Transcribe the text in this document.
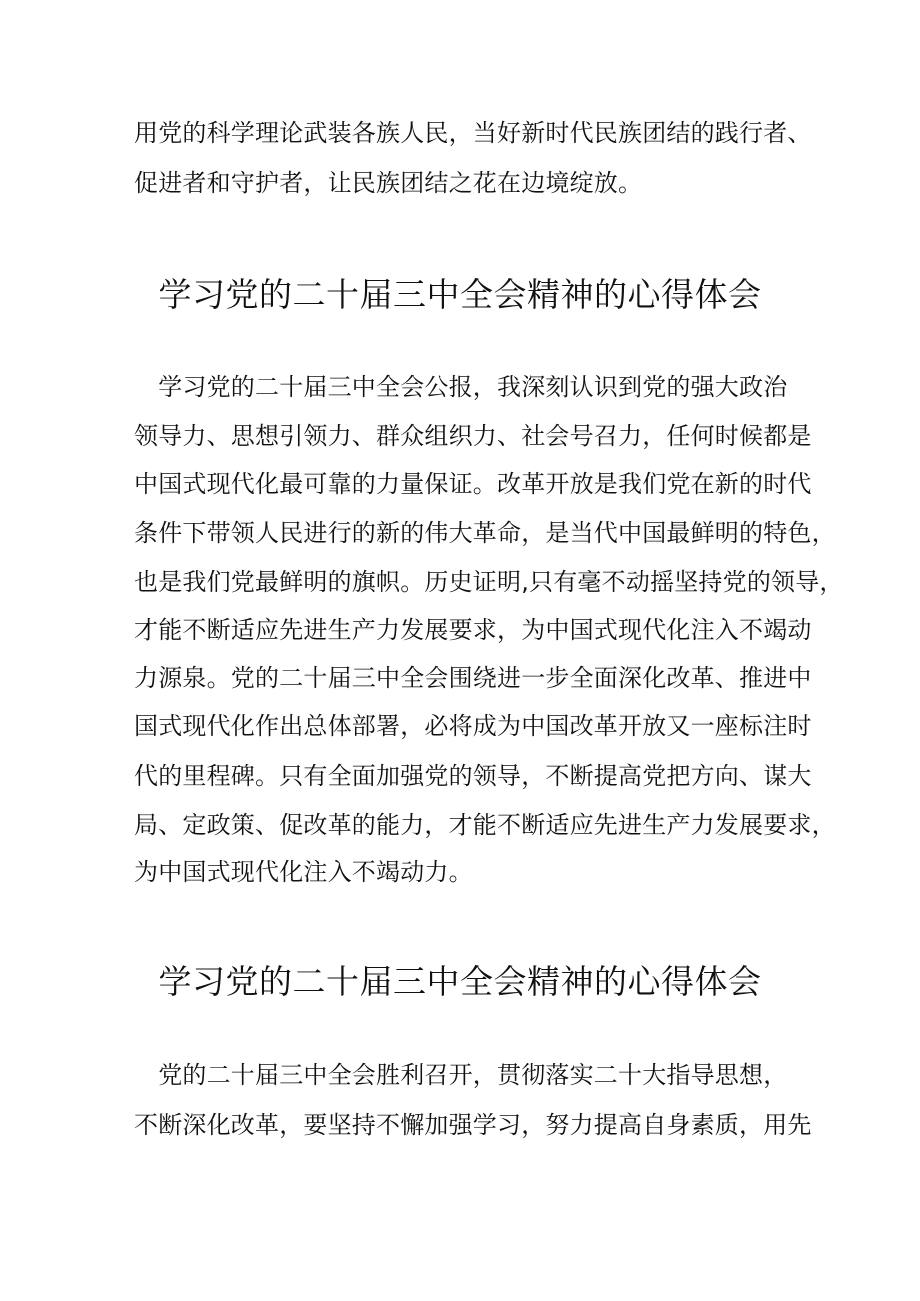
用党的科学理论武装各族人民，当好新时代民族团结的践行者、
促进者和守护者，让民族团结之花在边境绽放。
学习党的二十届三中全会精神的心得体会
　学习党的二十届三中全会公报，我深刻认识到党的强大政治
领导力、思想引领力、群众组织力、社会号召力，任何时候都是
中国式现代化最可靠的力量保证。改革开放是我们党在新的时代
条件下带领人民进行的新的伟大革命，是当代中国最鲜明的特色，
也是我们党最鲜明的旗帜。历史证明,只有毫不动摇坚持党的领导，
才能不断适应先进生产力发展要求，为中国式现代化注入不竭动
力源泉。党的二十届三中全会围绕进一步全面深化改革、推进中
国式现代化作出总体部署，必将成为中国改革开放又一座标注时
代的里程碑。只有全面加强党的领导，不断提高党把方向、谋大
局、定政策、促改革的能力，才能不断适应先进生产力发展要求，
为中国式现代化注入不竭动力。
学习党的二十届三中全会精神的心得体会
　党的二十届三中全会胜利召开，贯彻落实二十大指导思想，
不断深化改革，要坚持不懈加强学习，努力提高自身素质，用先
